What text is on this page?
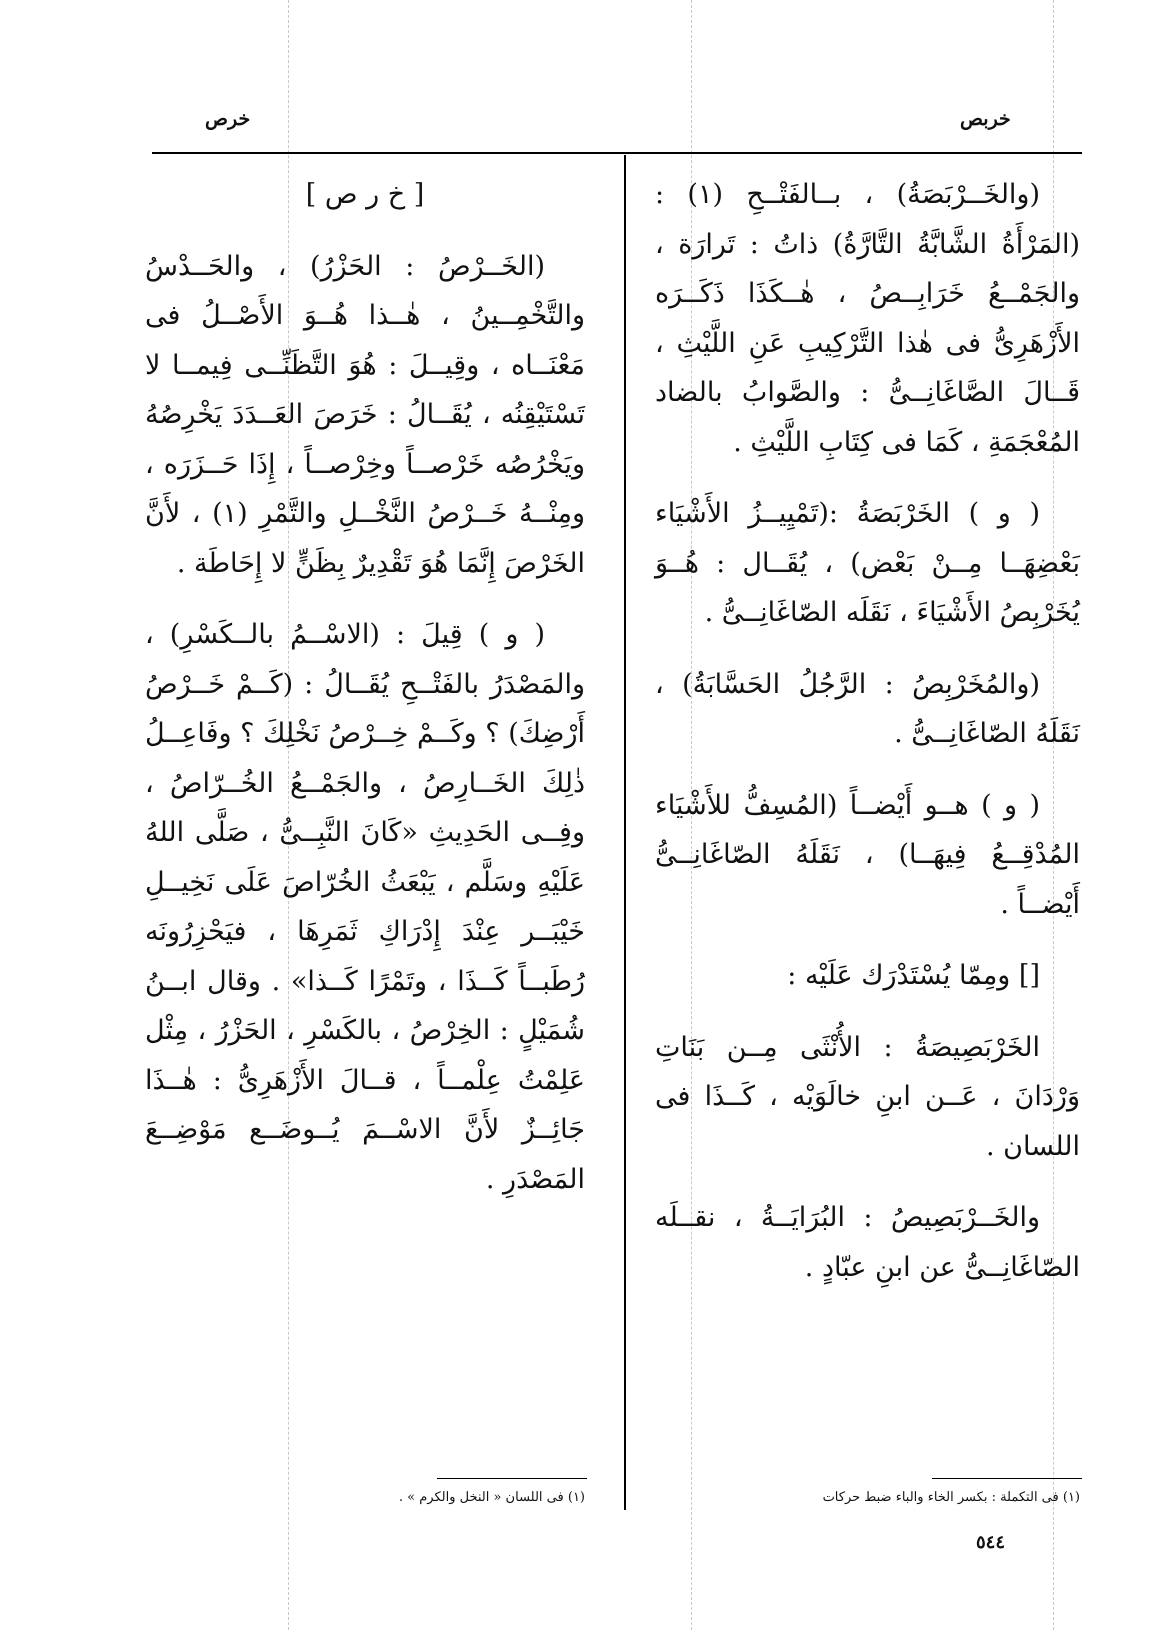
خربص
خرص

(والخَــرْبَصَةُ) ، بــالفَتْــحِ (١) : (المَرْأَةُ الشَّابَّةُ التَّارَّةُ) ذاتُ : تَرارَة ، والجَمْــعُ خَرَابِــصُ ، هٰــكَذَا ذَكَــرَه الأَزْهَرِىُّ فى هٰذا التَّرْكِيبِ عَنِ اللَّيْثِ ، قَــالَ الصَّاغَانِــىُّ : والصَّوابُ بالضاد المُعْجَمَةِ ، كَمَا فى كِتَابِ اللَّيْثِ .

( و ) الخَرْبَصَةُ :(تَمْيِيــزُ الأَشْيَاء بَعْضِهَــا مِــنْ بَعْض) ، يُقَــال : هُــوَ يُخَرْبِصُ الأَشْيَاءَ ، نَقَلَه الصّاغَانِــىُّ .

(والمُخَرْبِصُ : الرَّجُلُ الحَسَّابَةُ) ، نَقَلَهُ الصّاغَانِــىُّ .

( و ) هــو أَيْضــاً (المُسِفُّ للأَشْيَاء المُدْقِــعُ فِيهَــا) ، نَقَلَهُ الصّاغَانِــىُّ أَيْضــاً .

[] ومِمّا يُسْتَدْرَك عَلَيْه :

الخَرْبَصِيصَةُ : الأُنْثَى مِــن بَنَاتِ وَرْدَانَ ، عَــن ابنِ خالَوَيْه ، كَــذَا فى اللسان .

والخَــرْبَصِيصُ : البُرَايَــةُ ، نقــلَه الصّاغَانِــىُّ عن ابنِ عبّادٍ .

[ خ ر ص ]

(الخَــرْصُ : الحَزْرُ) ، والحَــدْسُ والتَّخْمِــينُ ، هٰــذا هُــوَ الأَصْــلُ فى مَعْنَــاه ، وقِيــلَ : هُوَ التَّظَنِّــى فِيمــا لا تَسْتَيْقِنُه ، يُقَــالُ : خَرَصَ العَــدَدَ يَخْرِصُهُ ويَخْرُصُه خَرْصــاً وخِرْصــاً ، إِذَا حَــزَرَه ، ومِنْــهُ خَــرْصُ النَّخْــلِ والتَّمْرِ (١) ، لأَنَّ الخَرْصَ إِنَّمَا هُوَ تَقْدِيرٌ بِظَنٍّ لا إِحَاطَة .

( و ) قِيلَ : (الاسْــمُ بالــكَسْرِ) ، والمَصْدَرُ بالفَتْــحِ يُقَــالُ : (كَــمْ خَــرْصُ أَرْضِكَ) ؟ وكَــمْ خِــرْصُ نَخْلِكَ ؟ وفَاعِــلُ ذٰلِكَ الخَــارِصُ ، والجَمْــعُ الخُــرّاصُ ، وفِــى الحَدِيثِ «كَانَ النَّبِــىُّ ، صَلَّى اللهُ عَلَيْهِ وسَلَّم ، يَبْعَثُ الخُرّاصَ عَلَى نَخِيــلِ خَيْبَــر عِنْدَ إِدْرَاكِ ثَمَرِهَا ، فيَحْزِرُونَه رُطَبــاً كَــذَا ، وتَمْرًا كَــذا» . وقال ابــنُ شُمَيْلٍ : الخِرْصُ ، بالكَسْرِ ، الحَزْرُ ، مِثْل عَلِمْتُ عِلْمــاً ، قــالَ الأَزْهَرِىُّ : هٰــذَا جَائِــزٌ لأَنَّ الاسْــمَ يُــوضَــع مَوْضِــعَ المَصْدَرِ .

(١) فى التكملة : بكسر الخاء والباء ضبط حركات
(١) فى اللسان « النخل والكرم » .
٥٤٤
